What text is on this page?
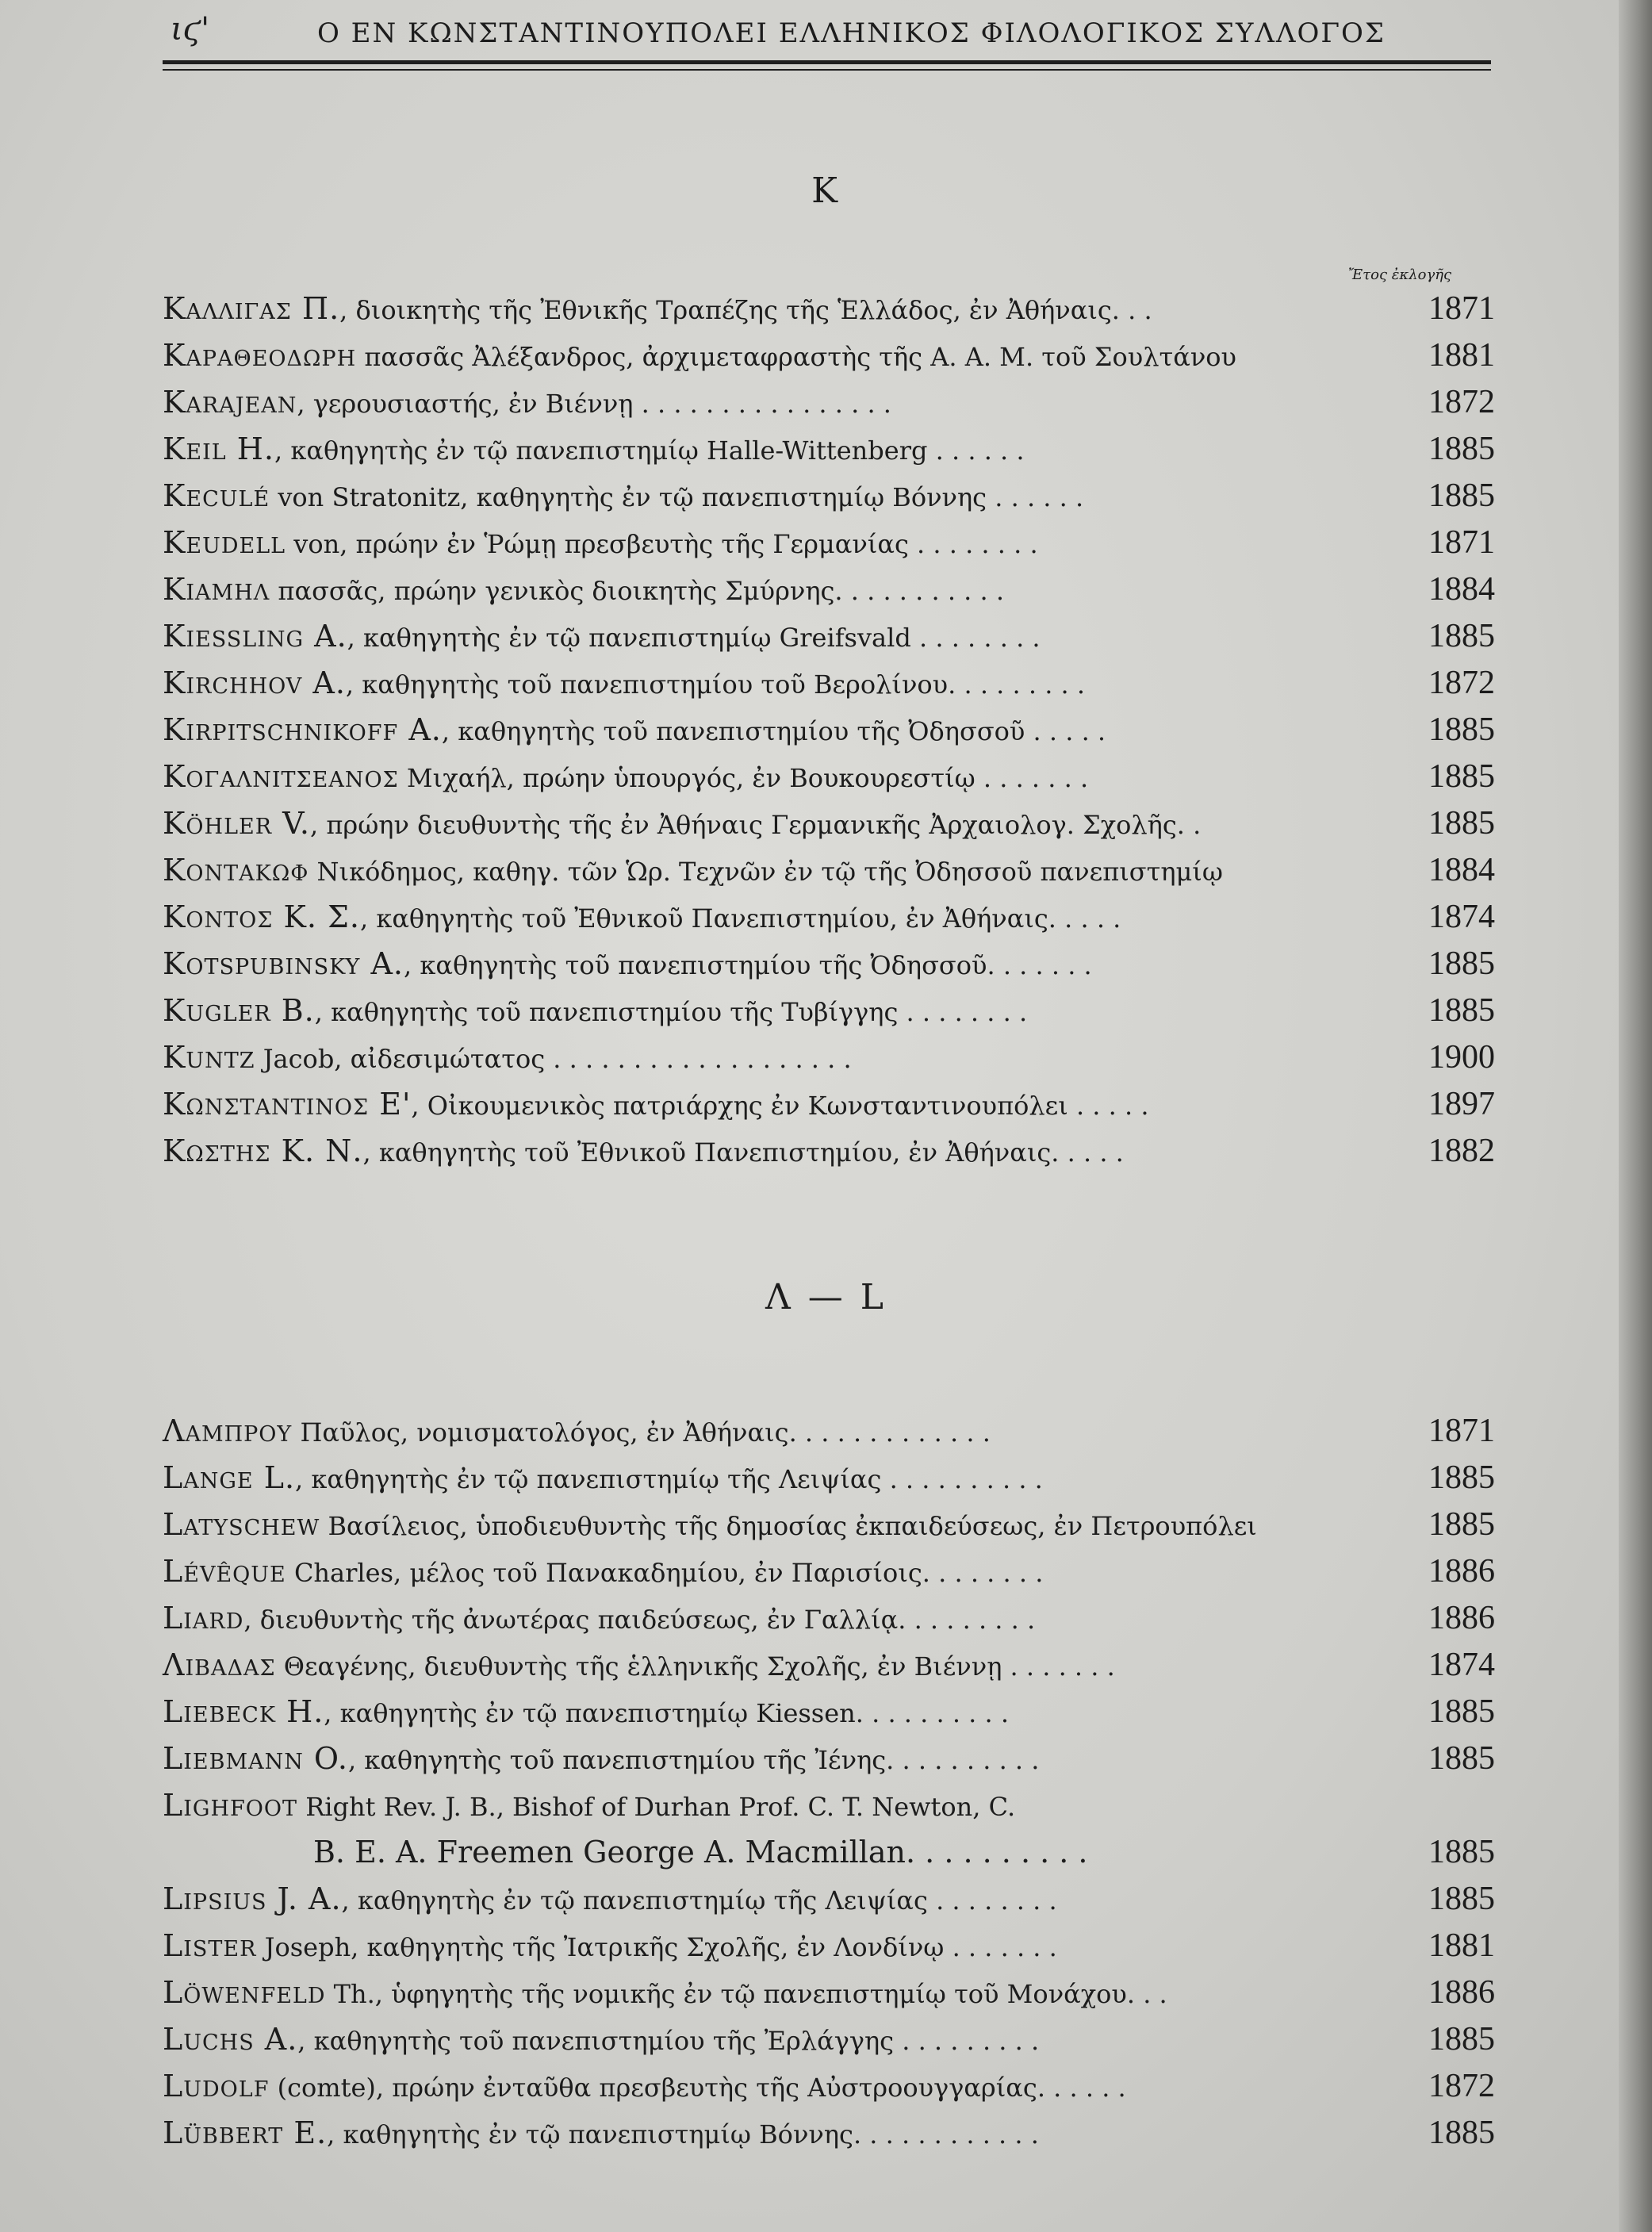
ιϛ'	Ο ΕΝ ΚΩΝΣΤΑΝΤΙΝΟΥΠΟΛΕΙ ΕΛΛΗΝΙΚΟΣ ΦΙΛΟΛΟΓΙΚΟΣ ΣΥΛΛΟΓΟΣ
K
Ἔτος ἐκλογῆς
Καλλιγας Π., διοικητὴς τῆς Ἐθνικῆς Τραπέζης τῆς Ἑλλάδος, ἐν Ἀθήναις. . .	1871
Καραθεοδωρη πασσᾶς Ἀλέξανδρος, ἀρχιμεταφραστὴς τῆς Α. Α. Μ. τοῦ Σουλτάνου	1881
Karajean, γερουσιαστής, ἐν Βιέννῃ . . . . . . . . . . . . . . . .	1872
Keil H., καθηγητὴς ἐν τῷ πανεπιστημίῳ Halle-Wittenberg . . . . . .	1885
Keculé von Stratonitz, καθηγητὴς ἐν τῷ πανεπιστημίῳ Βόννης . . . . . .	1885
Keudell von, πρώην ἐν Ῥώμῃ πρεσβευτὴς τῆς Γερμανίας . . . . . . . .	1871
Κιαμηλ πασσᾶς, πρώην γενικὸς διοικητὴς Σμύρνης. . . . . . . . . . .	1884
Kiessling A., καθηγητὴς ἐν τῷ πανεπιστημίῳ Greifsvald . . . . . . . .	1885
Kirchhov A., καθηγητὴς τοῦ πανεπιστημίου τοῦ Βερολίνου. . . . . . . . .	1872
Kirpitschnikoff A., καθηγητὴς τοῦ πανεπιστημίου τῆς Ὀδησσοῦ . . . . .	1885
Κογαλνιτσεανος Μιχαήλ, πρώην ὑπουργός, ἐν Βουκουρεστίῳ . . . . . . .	1885
Köhler V., πρώην διευθυντὴς τῆς ἐν Ἀθήναις Γερμανικῆς Ἀρχαιολογ. Σχολῆς. .	1885
Κοντακωφ Νικόδημος, καθηγ. τῶν Ὡρ. Τεχνῶν ἐν τῷ τῆς Ὀδησσοῦ πανεπιστημίῳ	1884
Κοντος Κ. Σ., καθηγητὴς τοῦ Ἐθνικοῦ Πανεπιστημίου, ἐν Ἀθήναις. . . . .	1874
Kotspubinsky A., καθηγητὴς τοῦ πανεπιστημίου τῆς Ὀδησσοῦ. . . . . . .	1885
Kugler B., καθηγητὴς τοῦ πανεπιστημίου τῆς Τυβίγγης . . . . . . . .	1885
Kuntz Jacob, αἰδεσιμώτατος . . . . . . . . . . . . . . . . . . .	1900
Κωνσταντινος Ε', Οἰκουμενικὸς πατριάρχης ἐν Κωνσταντινουπόλει . . . . .	1897
Κωστης Κ. Ν., καθηγητὴς τοῦ Ἐθνικοῦ Πανεπιστημίου, ἐν Ἀθήναις. . . . .	1882
Λ — L
Λαμπρου Παῦλος, νομισματολόγος, ἐν Ἀθήναις. . . . . . . . . . . . .	1871
Lange L., καθηγητὴς ἐν τῷ πανεπιστημίῳ τῆς Λειψίας . . . . . . . . . .	1885
Latyschew Βασίλειος, ὑποδιευθυντὴς τῆς δημοσίας ἐκπαιδεύσεως, ἐν Πετρουπόλει	1885
Lévêque Charles, μέλος τοῦ Πανακαδημίου, ἐν Παρισίοις. . . . . . . .	1886
Liard, διευθυντὴς τῆς ἀνωτέρας παιδεύσεως, ἐν Γαλλίᾳ. . . . . . . . .	1886
Λιβαδας Θεαγένης, διευθυντὴς τῆς ἑλληνικῆς Σχολῆς, ἐν Βιέννῃ . . . . . . .	1874
Liebeck H., καθηγητὴς ἐν τῷ πανεπιστημίῳ Kiessen. . . . . . . . . .	1885
Liebmann O., καθηγητὴς τοῦ πανεπιστημίου τῆς Ἰένης. . . . . . . . . .	1885
Lighfoot Right Rev. J. B., Bishof of Durhan Prof. C. T. Newton, C.
B. E. A. Freemen George A. Macmillan. . . . . . . . . .	1885
Lipsius J. A., καθηγητὴς ἐν τῷ πανεπιστημίῳ τῆς Λειψίας . . . . . . . .	1885
Lister Joseph, καθηγητὴς τῆς Ἰατρικῆς Σχολῆς, ἐν Λονδίνῳ . . . . . . .	1881
Löwenfeld Th., ὑφηγητὴς τῆς νομικῆς ἐν τῷ πανεπιστημίῳ τοῦ Μονάχου. . .	1886
Luchs A., καθηγητὴς τοῦ πανεπιστημίου τῆς Ἐρλάγγης . . . . . . . . .	1885
Ludolf (comte), πρώην ἐνταῦθα πρεσβευτὴς τῆς Αὐστροουγγαρίας. . . . . .	1872
Lübbert E., καθηγητὴς ἐν τῷ πανεπιστημίῳ Βόννης. . . . . . . . . . . .	1885
